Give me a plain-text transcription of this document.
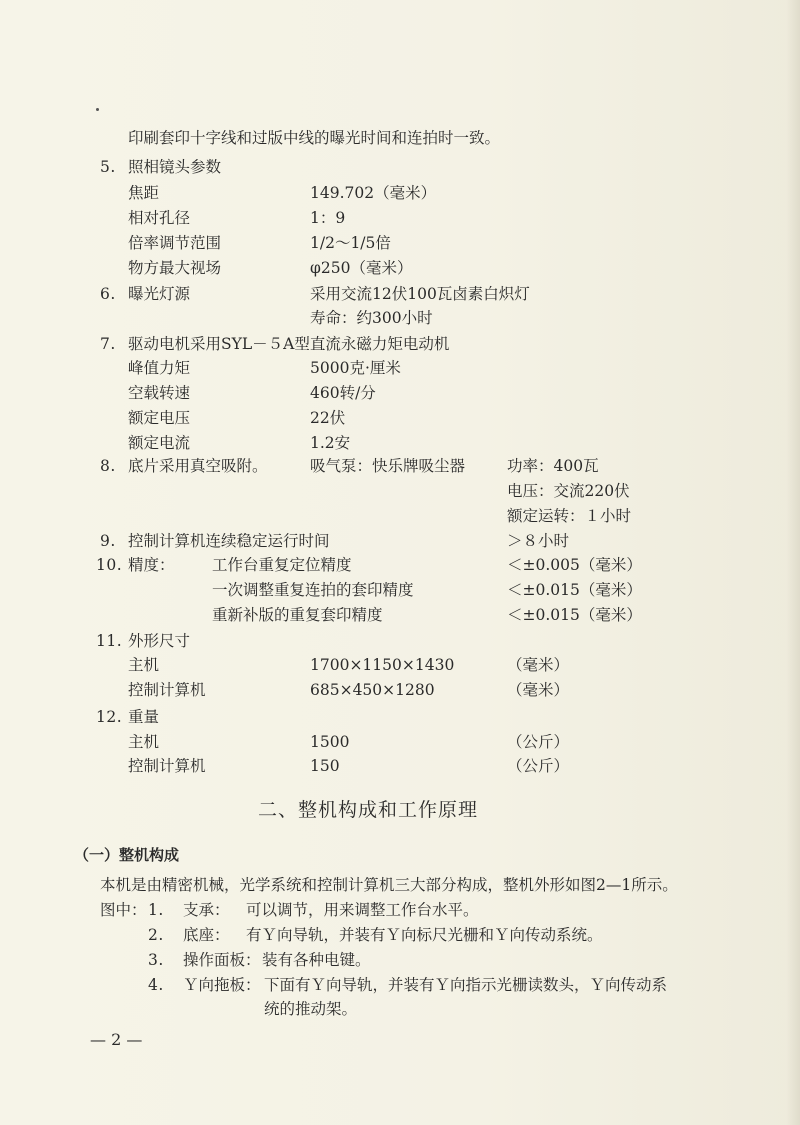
印刷套印十字线和过版中线的曝光时间和连拍时一致。
5. 照相镜头参数
焦距	149.702（毫米）
相对孔径	1：9
倍率调节范围	1/2～1/5倍
物方最大视场	φ250（毫米）
6. 曝光灯源	采用交流12伏100瓦卤素白炽灯
寿命：约300小时
7. 驱动电机采用SYL－５A型直流永磁力矩电动机
峰值力矩	5000克·厘米
空载转速	460转/分
额定电压	22伏
额定电流	1.2安
8. 底片采用真空吸附。	吸气泵：快乐牌吸尘器	功率：400瓦
电压：交流220伏
额定运转：１小时
9. 控制计算机连续稳定运行时间	＞８小时
10. 精度： 工作台重复定位精度	＜±0.005（毫米）
一次调整重复连拍的套印精度	＜±0.015（毫米）
重新补版的重复套印精度	＜±0.015（毫米）
11. 外形尺寸
主机	1700×1150×1430	（毫米）
控制计算机	685×450×1280	（毫米）
12. 重量
主机	1500	（公斤）
控制计算机	150	（公斤）
二、整机构成和工作原理
（一）整机构成
本机是由精密机械，光学系统和控制计算机三大部分构成，整机外形如图2—1所示。
图中： 1. 支承： 可以调节，用来调整工作台水平。
2. 底座： 有Ｙ向导轨，并装有Ｙ向标尺光栅和Ｙ向传动系统。
3. 操作面板： 装有各种电键。
4. Ｙ向拖板： 下面有Ｙ向导轨，并装有Ｙ向指示光栅读数头，Ｙ向传动系
统的推动架。
— 2 —
